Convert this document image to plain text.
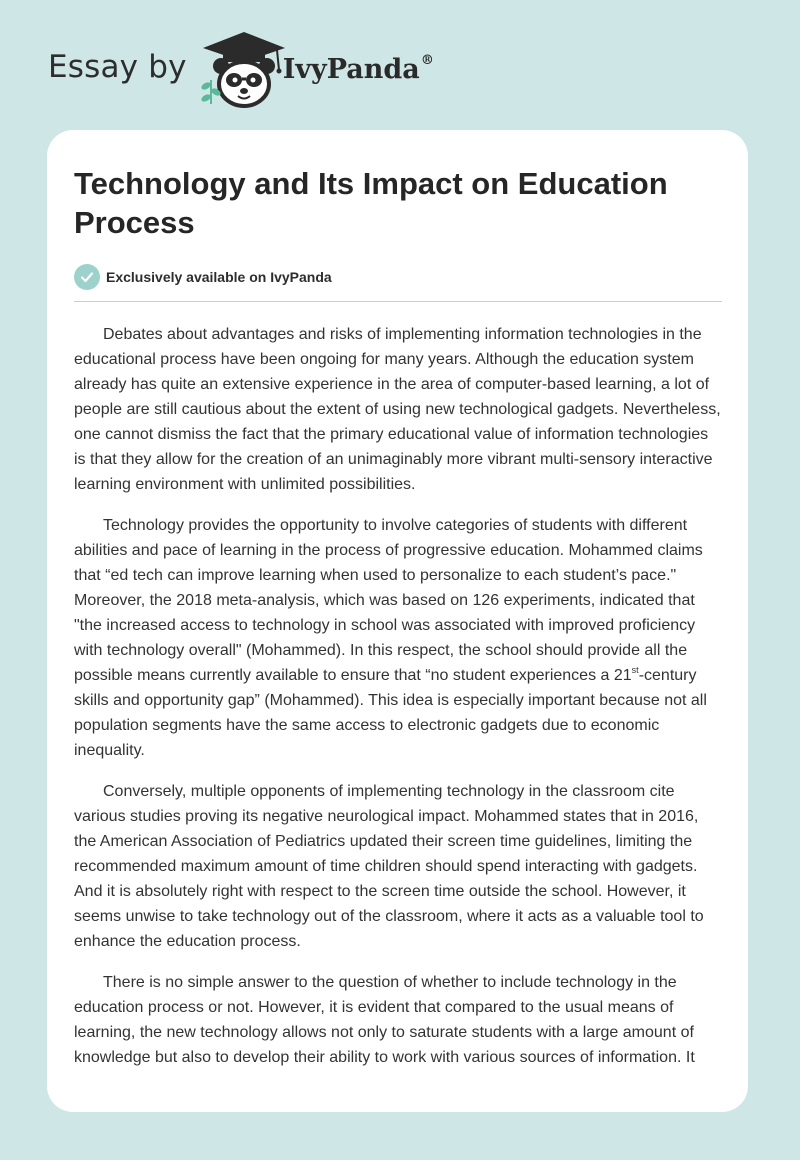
Essay by	IvyPanda®
Technology and Its Impact on Education Process
Exclusively available on IvyPanda

Debates about advantages and risks of implementing information technologies in the educational process have been ongoing for many years. Although the education system already has quite an extensive experience in the area of computer-based learning, a lot of people are still cautious about the extent of using new technological gadgets. Nevertheless, one cannot dismiss the fact that the primary educational value of information technologies is that they allow for the creation of an unimaginably more vibrant multi-sensory interactive learning environment with unlimited possibilities.

Technology provides the opportunity to involve categories of students with different abilities and pace of learning in the process of progressive education. Mohammed claims that “ed tech can improve learning when used to personalize to each student’s pace." Moreover, the 2018 meta-analysis, which was based on 126 experiments, indicated that "the increased access to technology in school was associated with improved proficiency with technology overall" (Mohammed). In this respect, the school should provide all the possible means currently available to ensure that “no student experiences a 21st-century skills and opportunity gap” (Mohammed). This idea is especially important because not all population segments have the same access to electronic gadgets due to economic inequality.

Conversely, multiple opponents of implementing technology in the classroom cite various studies proving its negative neurological impact. Mohammed states that in 2016, the American Association of Pediatrics updated their screen time guidelines, limiting the recommended maximum amount of time children should spend interacting with gadgets. And it is absolutely right with respect to the screen time outside the school. However, it seems unwise to take technology out of the classroom, where it acts as a valuable tool to enhance the education process.

There is no simple answer to the question of whether to include technology in the education process or not. However, it is evident that compared to the usual means of learning, the new technology allows not only to saturate students with a large amount of knowledge but also to develop their ability to work with various sources of information. It
